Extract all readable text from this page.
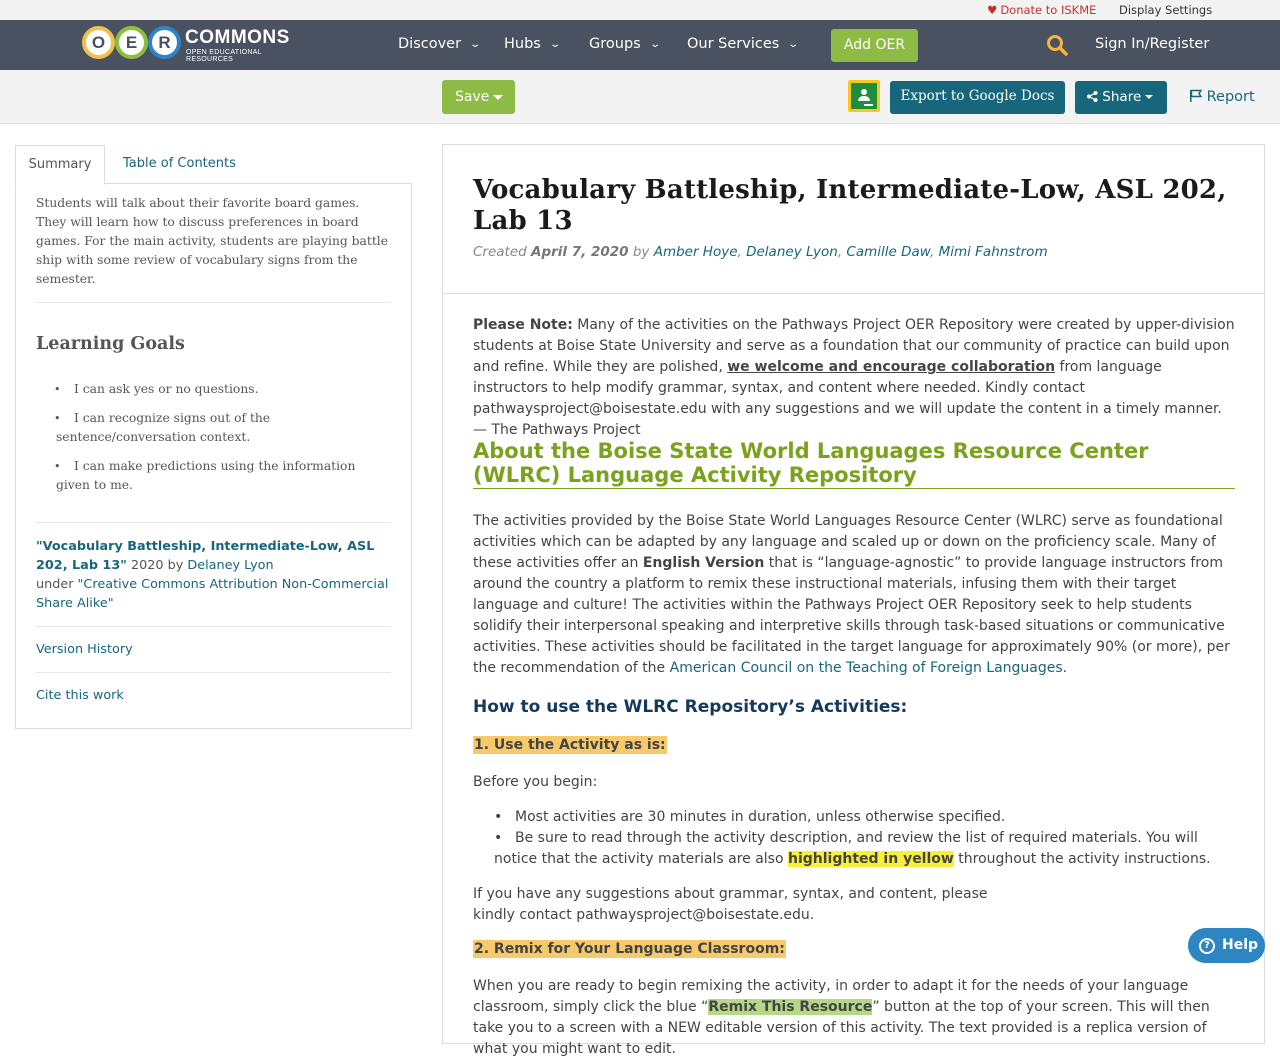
♥ Donate to ISKME Display Settings
O	E	R COMMONS
OPEN EDUCATIONAL RESOURCES
Discover ⌄ Hubs ⌄ Groups ⌄ Our Services ⌄	Add OER	Sign In/Register
Save	Export to Google Docs	Share	Report
Summary	Table of Contents

Students will talk about their favorite board games. They will learn how to discuss preferences in board games. For the main activity, students are playing battle ship with some review of vocabulary signs from the semester.

Learning Goals
•	I can ask yes or no questions.
•	I can recognize signs out of the sentence/conversation context.
•	I can make predictions using the information given to me.
"Vocabulary Battleship, Intermediate-Low, ASL 202, Lab 13" 2020 by Delaney Lyon
under "Creative Commons Attribution Non-Commercial Share Alike"
Version History
Cite this work
Vocabulary Battleship, Intermediate-Low, ASL 202, Lab 13
Created April 7, 2020 by Amber Hoye, Delaney Lyon, Camille Daw, Mimi Fahnstrom

Please Note: Many of the activities on the Pathways Project OER Repository were created by upper-division students at Boise State University and serve as a foundation that our community of practice can build upon and refine. While they are polished, we welcome and encourage collaboration from language instructors to help modify grammar, syntax, and content where needed. Kindly contact pathwaysproject@boisestate.edu with any suggestions and we will update the content in a timely manner. — The Pathways Project

About the Boise State World Languages Resource Center (WLRC) Language Activity Repository

The activities provided by the Boise State World Languages Resource Center (WLRC) serve as foundational activities which can be adapted by any language and scaled up or down on the proficiency scale. Many of these activities offer an English Version that is “language-agnostic” to provide language instructors from around the country a platform to remix these instructional materials, infusing them with their target language and culture! The activities within the Pathways Project OER Repository seek to help students solidify their interpersonal speaking and interpretive skills through task-based situations or communicative activities. These activities should be facilitated in the target language for approximately 90% (or more), per the recommendation of the American Council on the Teaching of Foreign Languages.

How to use the WLRC Repository’s Activities:
1. Use the Activity as is:

Before you begin:

• Most activities are 30 minutes in duration, unless otherwise specified.
• Be sure to read through the activity description, and review the list of required materials. You will notice that the activity materials are also highlighted in yellow throughout the activity instructions.

If you have any suggestions about grammar, syntax, and content, please kindly contact pathwaysproject@boisestate.edu.

2. Remix for Your Language Classroom:

When you are ready to begin remixing the activity, in order to adapt it for the needs of your language classroom, simply click the blue “Remix This Resource” button at the top of your screen. This will then take you to a screen with a NEW editable version of this activity. The text provided is a replica version of what you might want to edit.

? Help
